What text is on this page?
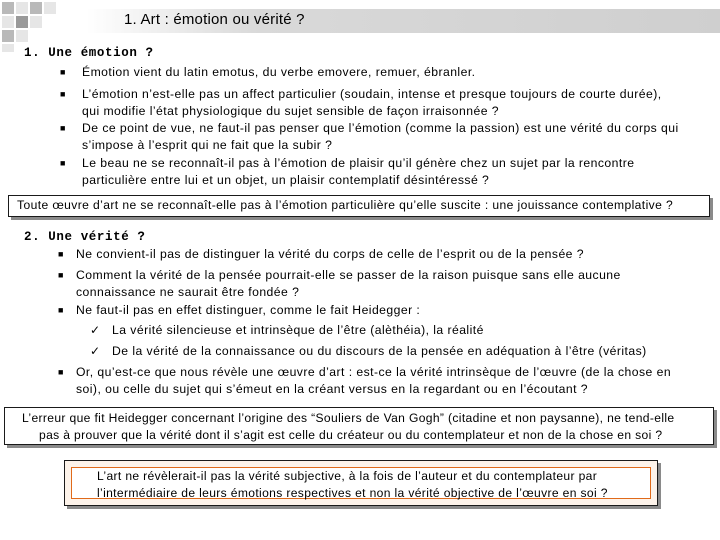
1. Art : émotion ou vérité ?
1. Une émotion ?
■ Émotion vient du latin emotus, du verbe emovere, remuer, ébranler.
■ L’émotion n’est-elle pas un affect particulier (soudain, intense et presque toujours de courte durée),
qui modifie l’état physiologique du sujet sensible de façon irraisonnée ?
■ De ce point de vue, ne faut-il pas penser que l’émotion (comme la passion) est une vérité du corps qui
s’impose à l’esprit qui ne fait que la subir ?
■ Le beau ne se reconnaît-il pas à l’émotion de plaisir qu’il génère chez un sujet par la rencontre
particulière entre lui et un objet, un plaisir contemplatif désintéressé ?
Toute œuvre d’art ne se reconnaît-elle pas à l’émotion particulière qu’elle suscite : une jouissance contemplative ?
2. Une vérité ?
■ Ne convient-il pas de distinguer la vérité du corps de celle de l’esprit ou de la pensée ?
■ Comment la vérité de la pensée pourrait-elle se passer de la raison puisque sans elle aucune
connaissance ne saurait être fondée ?
■ Ne faut-il pas en effet distinguer, comme le fait Heidegger :
✓ La vérité silencieuse et intrinsèque de l’être (alèthéia), la réalité
✓ De la vérité de la connaissance ou du discours de la pensée en adéquation à l’être (véritas)
■ Or, qu’est-ce que nous révèle une œuvre d’art : est-ce la vérité intrinsèque de l’œuvre (de la chose en
soi), ou celle du sujet qui s’émeut en la créant versus en la regardant ou en l’écoutant ?
L’erreur que fit Heidegger concernant l’origine des “Souliers de Van Gogh” (citadine et non paysanne), ne tend-elle
pas à prouver que la vérité dont il s’agit est celle du créateur ou du contemplateur et non de la chose en soi ?
L’art ne révèlerait-il pas la vérité subjective, à la fois de l’auteur et du contemplateur par
l’intermédiaire de leurs émotions respectives et non la vérité objective de l’œuvre en soi ?
